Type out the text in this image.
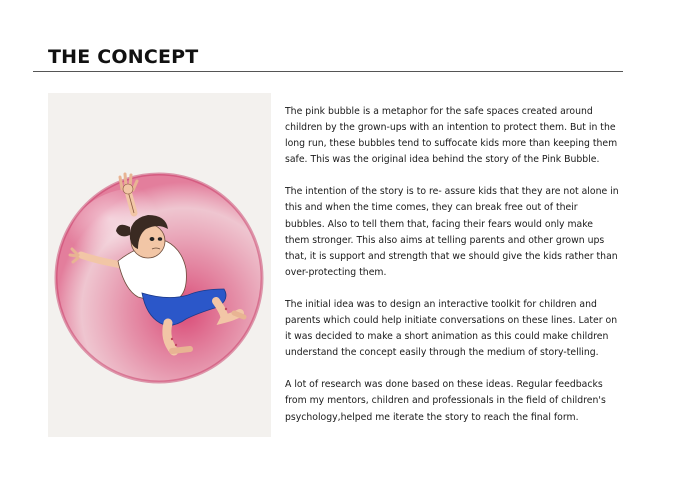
THE CONCEPT

The pink bubble is a metaphor for the safe spaces created around children by the grown-ups with an intention to protect them. But in the long run, these bubbles tend to suffocate kids more than keeping them safe. This was the original idea behind the story of the Pink Bubble.

The intention of the story is to re- assure kids that they are not alone in this and when the time comes, they can break free out of their bubbles. Also to tell them that, facing their fears would only make them stronger. This also aims at telling parents and other grown ups that, it is support and strength that we should give the kids rather than over-protecting them.

The initial idea was to design an interactive toolkit for children and parents which could help initiate conversations on these lines. Later on it was decided to make a short animation as this could make children understand the concept easily through the medium of story-telling.

A lot of research was done based on these ideas. Regular feedbacks from my mentors, children and professionals in the field of children's psychology,helped me iterate the story to reach the final form.
